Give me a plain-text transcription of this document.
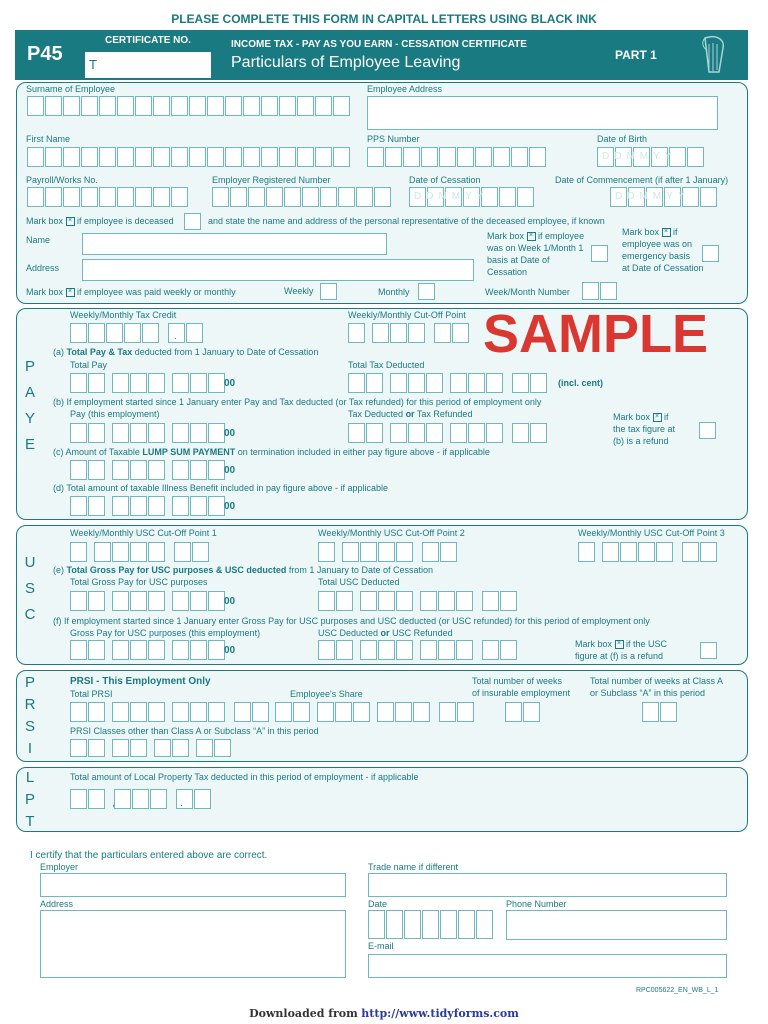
PLEASE COMPLETE THIS FORM IN CAPITAL LETTERS USING BLACK INK
P45
CERTIFICATE NO.
T
INCOME TAX - PAY AS YOU EARN - CESSATION CERTIFICATE
Particulars of Employee Leaving	PART 1
Surname of Employee	Employee Address
First Name	PPS Number	Date of Birth
DDMMYY
Payroll/Works No.	Employer Registered Number	Date of Cessation
DDMMYY
Date of Commencement (if after 1 January)
DDMMYY
Mark box × if employee is deceased	and state the name and address of the personal representative of the deceased employee, if known
Name
Address
Mark box × if employee
was on Week 1/Month 1
basis at Date of
Cessation
Mark box × if
employee was on
emergency basis
at Date of Cessation
Mark box × if employee was paid weekly or monthly	Weekly	Monthly	Week/Month Number
P
A
Y
E
Weekly/Monthly Tax Credit
.
Weekly/Monthly Cut-Off Point SAMPLE
(a) Total Pay & Tax deducted from 1 January to Date of Cessation
Total Pay
00
Total Tax Deducted
(incl. cent)
(b) If employment started since 1 January enter Pay and Tax deducted (or Tax refunded) for this period of employment only
Pay (this employment)
00
Tax Deducted or Tax Refunded	Mark box × if
the tax figure at
(b) is a refund
(c) Amount of Taxable LUMP SUM PAYMENT on termination included in either pay figure above - if applicable
00
(d) Total amount of taxable Illness Benefit included in pay figure above - if applicable
00
U
S
C
Weekly/Monthly USC Cut-Off Point 1	Weekly/Monthly USC Cut-Off Point 2	Weekly/Monthly USC Cut-Off Point 3
(e) Total Gross Pay for USC purposes & USC deducted from 1 January to Date of Cessation
Total Gross Pay for USC purposes
00
Total USC Deducted
(f) If employment started since 1 January enter Gross Pay for USC purposes and USC deducted (or USC refunded) for this period of employment only
Gross Pay for USC purposes (this employment)
00
USC Deducted or USC Refunded
Mark box × if the USC
figure at (f) is a refund
P
R
S
I
PRSI - This Employment Only
Total PRSI	Employee's Share
Total number of weeks
of insurable employment
Total number of weeks at Class A
or Subclass “A” in this period
PRSI Classes other than Class A or Subclass “A” in this period
L
P
T
Total amount of Local Property Tax deducted in this period of employment - if applicable
,	.
I certify that the particulars entered above are correct.
Employer	Trade name if different
Address	Date	Phone Number
E-mail
RPC005622_EN_WB_L_1
Downloaded from http://www.tidyforms.com
